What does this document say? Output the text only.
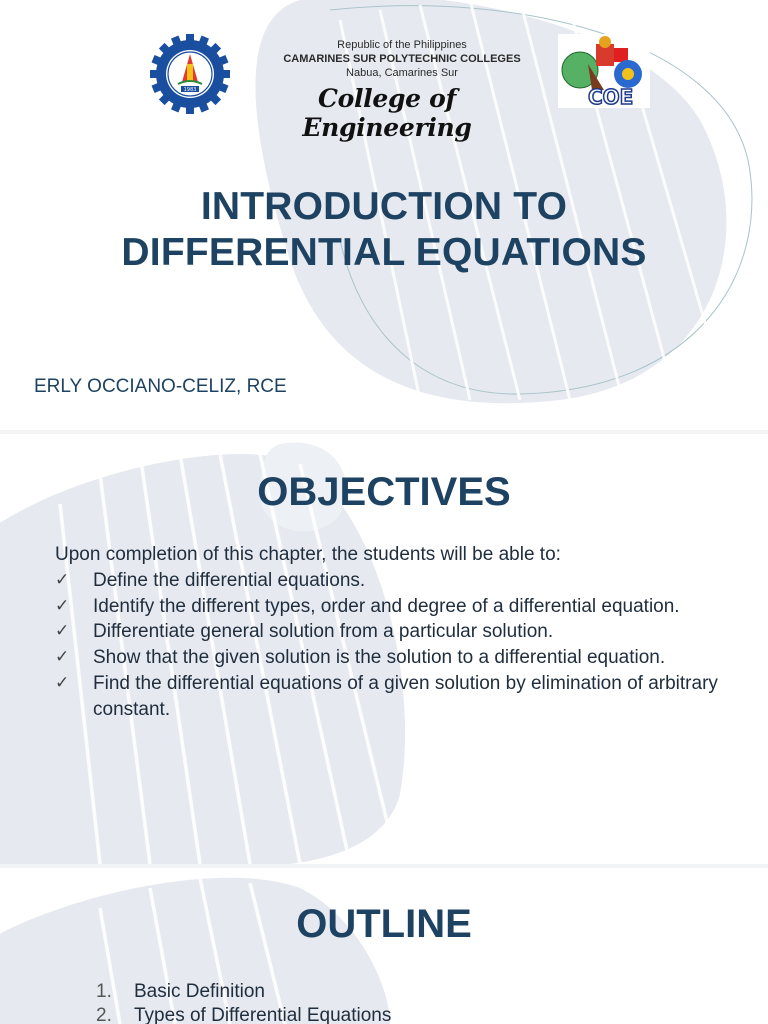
1983
Republic of the Philippines
CAMARINES SUR POLYTECHNIC COLLEGES
Nabua, Camarines Sur
College of Engineering
COE
INTRODUCTION TO
DIFFERENTIAL EQUATIONS
ERLY OCCIANO-CELIZ, RCE
OBJECTIVES

Upon completion of this chapter, the students will be able to:

✓ Define the differential equations.
✓ Identify the different types, order and degree of a differential equation.
✓ Differentiate general solution from a particular solution.
✓ Show that the given solution is the solution to a differential equation.
✓ Find the differential equations of a given solution by elimination of arbitrary constant.
OUTLINE
1. Basic Definition
2. Types of Differential Equations
